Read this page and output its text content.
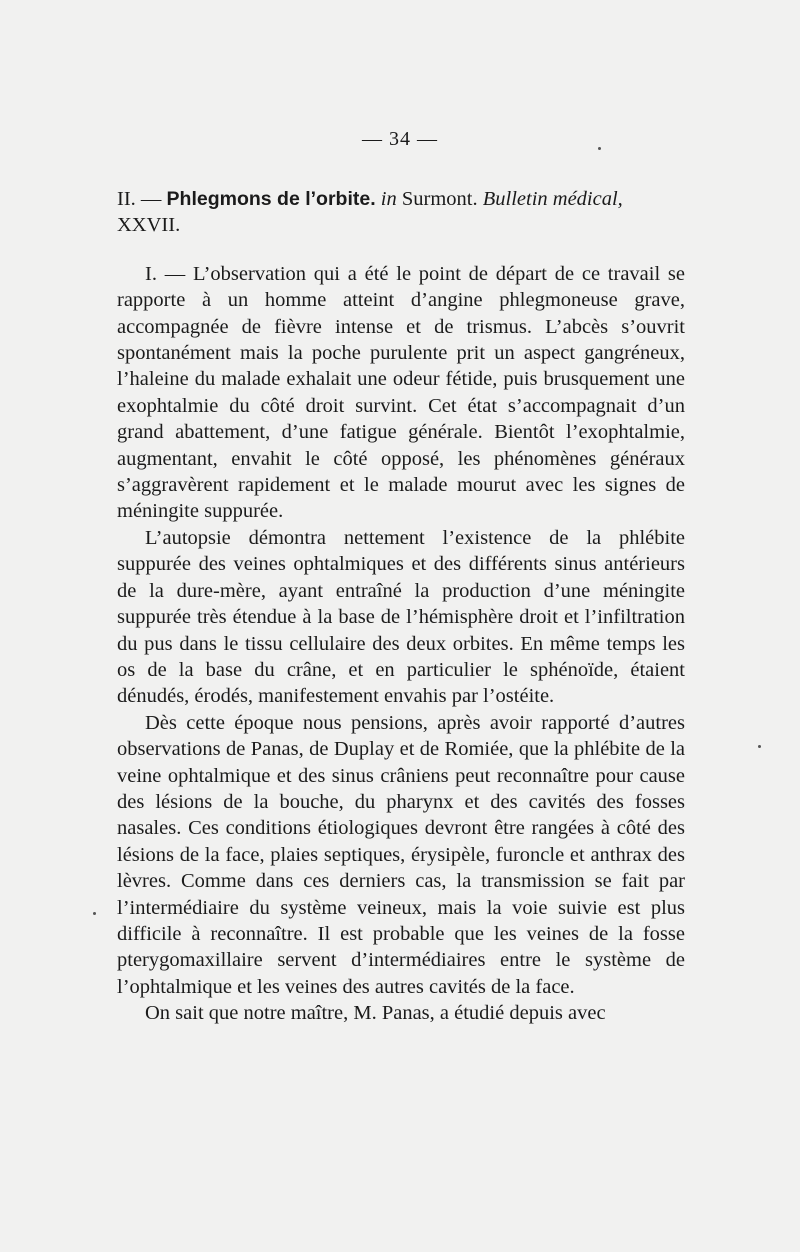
— 34 —

II. — Phlegmons de l’orbite. in Surmont. Bulletin médical,
XXVII.

I. — L’observation qui a été le point de départ de ce travail se rapporte à un homme atteint d’angine phlegmoneuse grave, accompagnée de fièvre intense et de trismus. L’abcès s’ouvrit spontanément mais la poche purulente prit un aspect gangréneux, l’haleine du malade exhalait une odeur fétide, puis brusquement une exophtalmie du côté droit survint. Cet état s’accompagnait d’un grand abattement, d’une fatigue générale. Bientôt l’exophtalmie, augmentant, envahit le côté opposé, les phénomènes généraux s’aggravèrent rapidement et le malade mourut avec les signes de méningite suppurée.

L’autopsie démontra nettement l’existence de la phlébite suppurée des veines ophtalmiques et des différents sinus antérieurs de la dure-mère, ayant entraîné la production d’une méningite suppurée très étendue à la base de l’hémisphère droit et l’infiltration du pus dans le tissu cellulaire des deux orbites. En même temps les os de la base du crâne, et en particulier le sphénoïde, étaient dénudés, érodés, manifestement envahis par l’ostéite.

Dès cette époque nous pensions, après avoir rapporté d’autres observations de Panas, de Duplay et de Romiée, que la phlébite de la veine ophtalmique et des sinus crâniens peut reconnaître pour cause des lésions de la bouche, du pharynx et des cavités des fosses nasales. Ces conditions étiologiques devront être rangées à côté des lésions de la face, plaies septiques, érysipèle, furoncle et anthrax des lèvres. Comme dans ces derniers cas, la transmission se fait par l’intermédiaire du système veineux, mais la voie suivie est plus difficile à reconnaître. Il est probable que les veines de la fosse pterygomaxillaire servent d’intermédiaires entre le système de l’ophtalmique et les veines des autres cavités de la face.

On sait que notre maître, M. Panas, a étudié depuis avec
